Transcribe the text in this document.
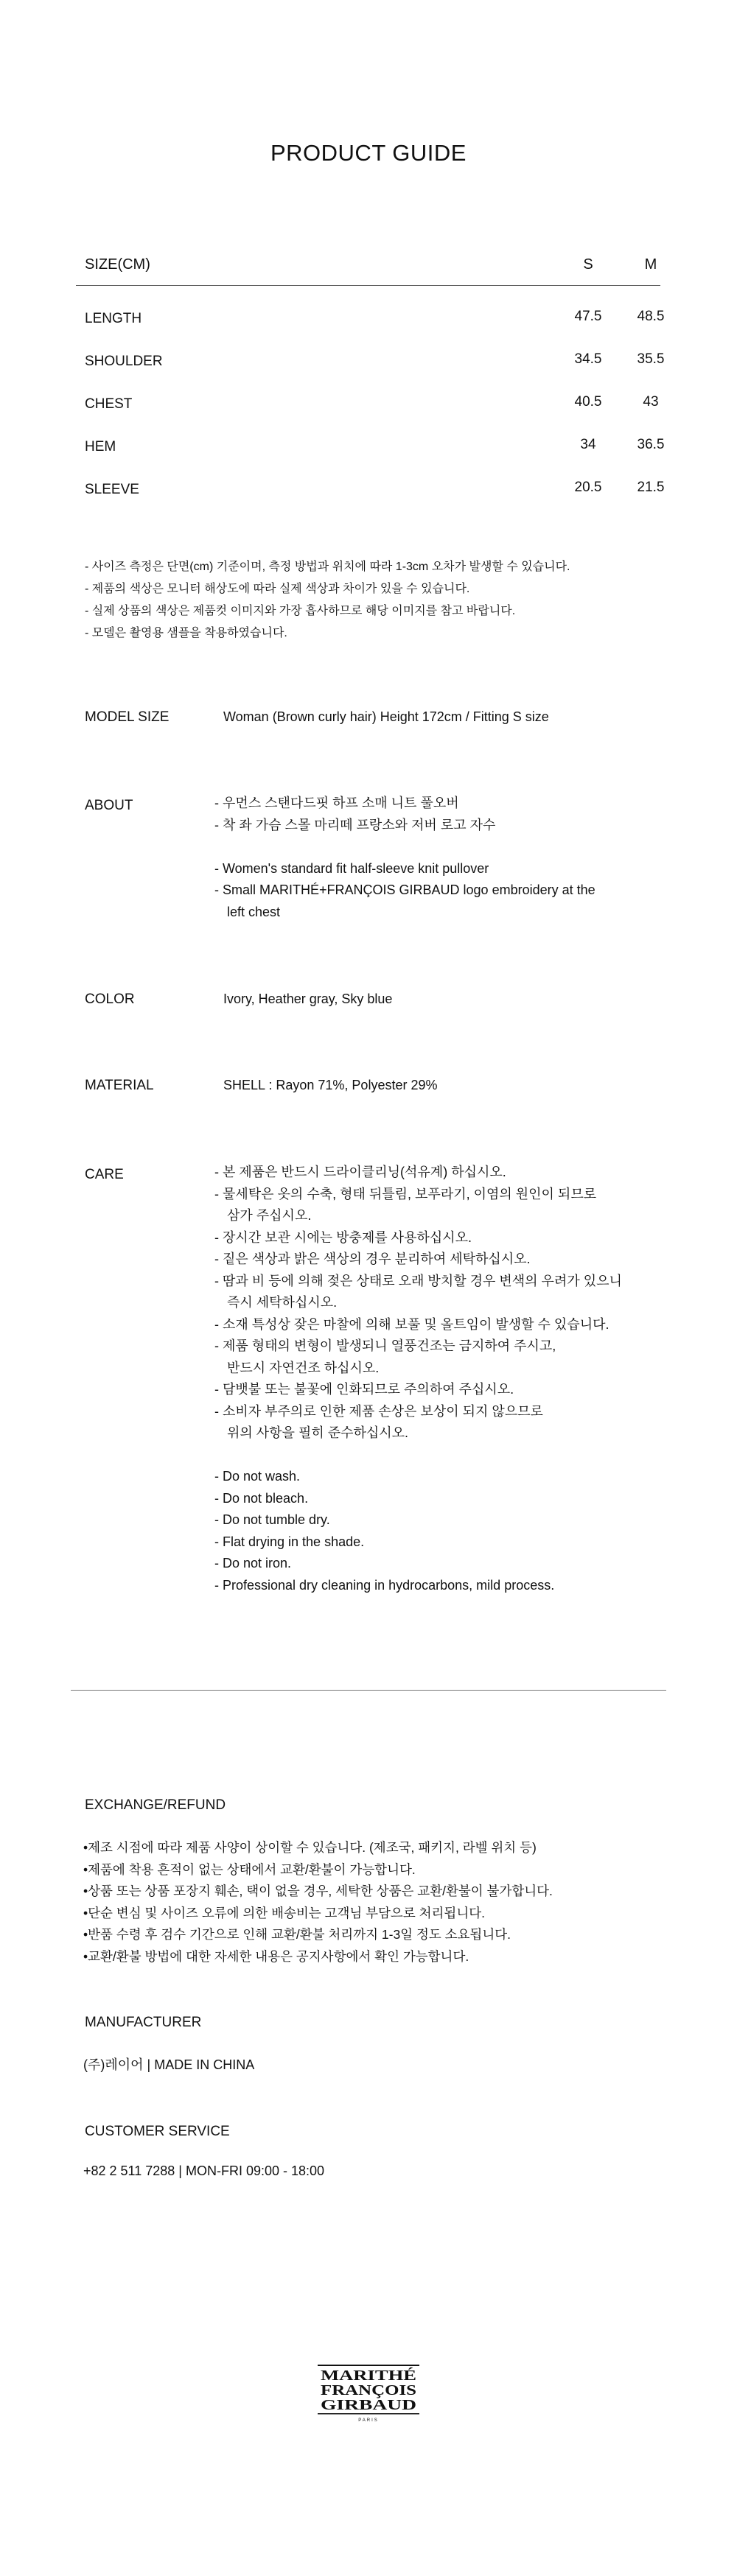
PRODUCT GUIDE
SIZE(CM)	S	M
LENGTH	47.5	48.5
SHOULDER	34.5	35.5
CHEST	40.5	43
HEM	34	36.5
SLEEVE	20.5	21.5
- 사이즈 측정은 단면(cm) 기준이며, 측정 방법과 위치에 따라 1-3cm 오차가 발생할 수 있습니다.
- 제품의 색상은 모니터 해상도에 따라 실제 색상과 차이가 있을 수 있습니다.
- 실제 상품의 색상은 제품컷 이미지와 가장 흡사하므로 해당 이미지를 참고 바랍니다.
- 모델은 촬영용 샘플을 착용하였습니다.
MODEL SIZE	Woman (Brown curly hair) Height 172cm / Fitting S size
ABOUT	- 우먼스 스탠다드핏 하프 소매 니트 풀오버
- 착 좌 가슴 스몰 마리떼 프랑소와 저버 로고 자수
- Women's standard fit half-sleeve knit pullover
- Small MARITHÉ+FRANÇOIS GIRBAUD logo embroidery at the
left chest
COLOR	Ivory, Heather gray, Sky blue
MATERIAL	SHELL : Rayon 71%, Polyester 29%
CARE	- 본 제품은 반드시 드라이클리닝(석유계) 하십시오.
- 물세탁은 옷의 수축, 형태 뒤틀림, 보푸라기, 이염의 원인이 되므로
삼가 주십시오.
- 장시간 보관 시에는 방충제를 사용하십시오.
- 짙은 색상과 밝은 색상의 경우 분리하여 세탁하십시오.
- 땀과 비 등에 의해 젖은 상태로 오래 방치할 경우 변색의 우려가 있으니
즉시 세탁하십시오.
- 소재 특성상 잦은 마찰에 의해 보풀 및 올트임이 발생할 수 있습니다.
- 제품 형태의 변형이 발생되니 열풍건조는 금지하여 주시고,
반드시 자연건조 하십시오.
- 담뱃불 또는 불꽃에 인화되므로 주의하여 주십시오.
- 소비자 부주의로 인한 제품 손상은 보상이 되지 않으므로
위의 사항을 필히 준수하십시오.
- Do not wash.
- Do not bleach.
- Do not tumble dry.
- Flat drying in the shade.
- Do not iron.
- Professional dry cleaning in hydrocarbons, mild process.
EXCHANGE/REFUND
•제조 시점에 따라 제품 사양이 상이할 수 있습니다. (제조국, 패키지, 라벨 위치 등)
•제품에 착용 흔적이 없는 상태에서 교환/환불이 가능합니다.
•상품 또는 상품 포장지 훼손, 택이 없을 경우, 세탁한 상품은 교환/환불이 불가합니다.
•단순 변심 및 사이즈 오류에 의한 배송비는 고객님 부담으로 처리됩니다.
•반품 수령 후 검수 기간으로 인해 교환/환불 처리까지 1-3일 정도 소요됩니다.
•교환/환불 방법에 대한 자세한 내용은 공지사항에서 확인 가능합니다.
MANUFACTURER
(주)레이어 | MADE IN CHINA
CUSTOMER SERVICE
+82 2 511 7288 | MON-FRI 09:00 - 18:00
MARITHÉ
FRANÇOIS
GIRBAUD
PARIS
